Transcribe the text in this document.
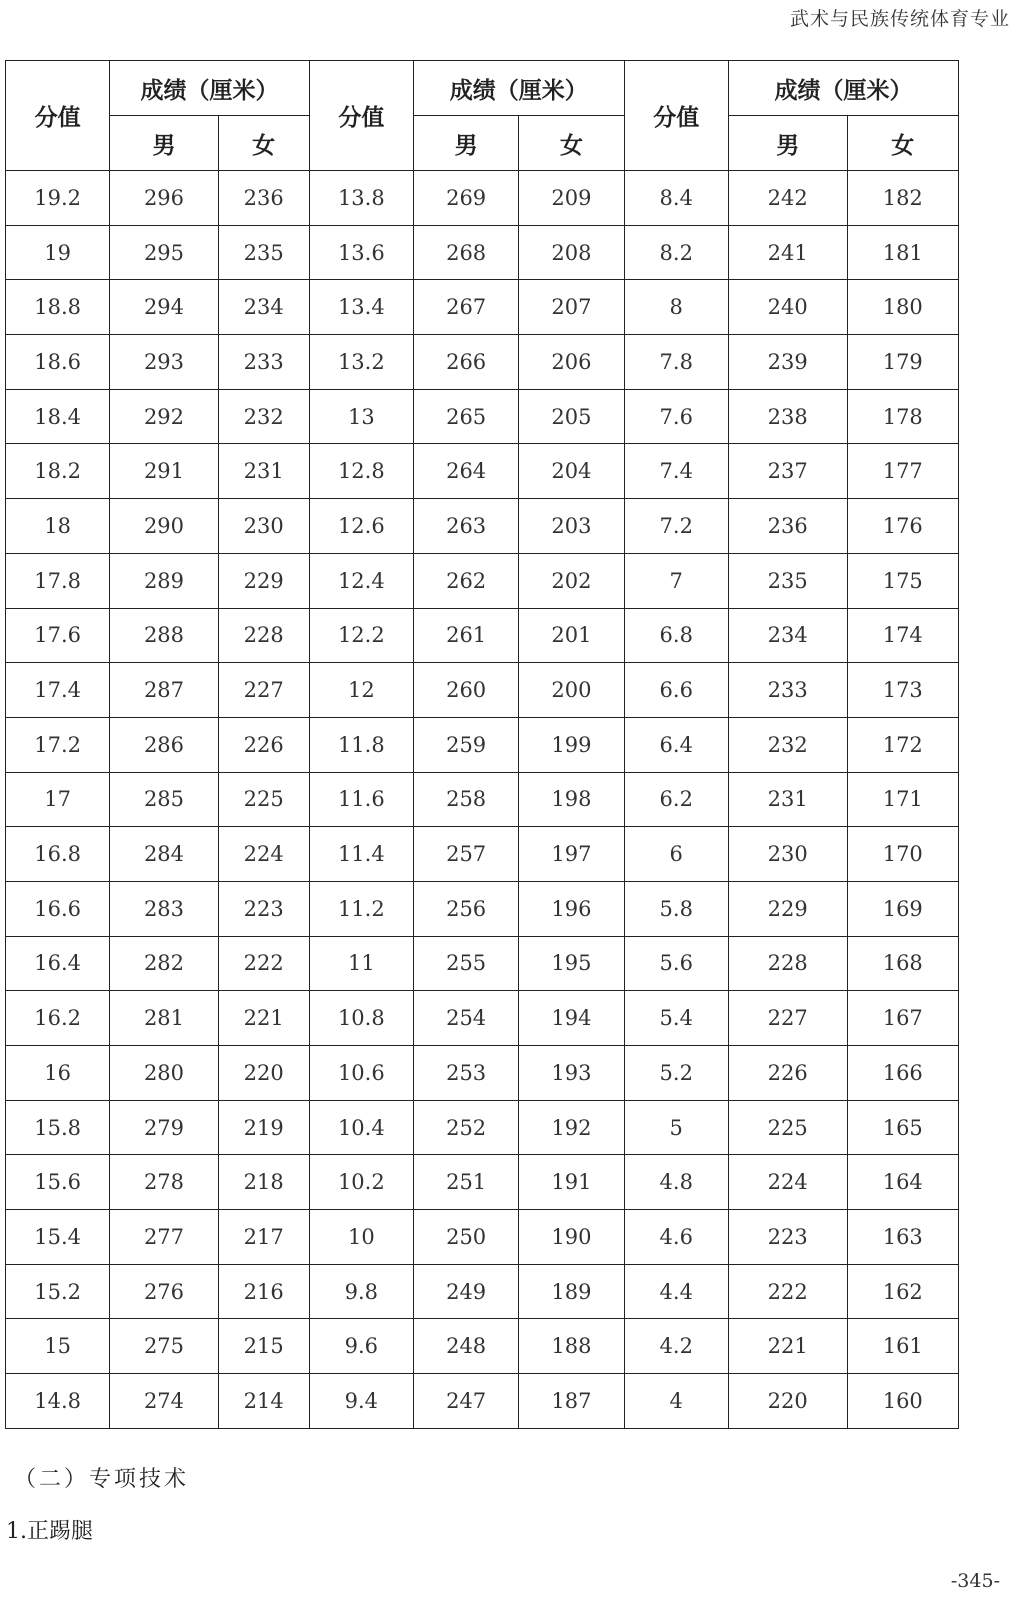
武术与民族传统体育专业
分值	成绩（厘米）		分值	成绩（厘米）		分值	成绩（厘米）	
	男	女		男	女		男	女
19.2	296	236	13.8	269	209	8.4	242	182
19	295	235	13.6	268	208	8.2	241	181
18.8	294	234	13.4	267	207	8	240	180
18.6	293	233	13.2	266	206	7.8	239	179
18.4	292	232	13	265	205	7.6	238	178
18.2	291	231	12.8	264	204	7.4	237	177
18	290	230	12.6	263	203	7.2	236	176
17.8	289	229	12.4	262	202	7	235	175
17.6	288	228	12.2	261	201	6.8	234	174
17.4	287	227	12	260	200	6.6	233	173
17.2	286	226	11.8	259	199	6.4	232	172
17	285	225	11.6	258	198	6.2	231	171
16.8	284	224	11.4	257	197	6	230	170
16.6	283	223	11.2	256	196	5.8	229	169
16.4	282	222	11	255	195	5.6	228	168
16.2	281	221	10.8	254	194	5.4	227	167
16	280	220	10.6	253	193	5.2	226	166
15.8	279	219	10.4	252	192	5	225	165
15.6	278	218	10.2	251	191	4.8	224	164
15.4	277	217	10	250	190	4.6	223	163
15.2	276	216	9.8	249	189	4.4	222	162
15	275	215	9.6	248	188	4.2	221	161
14.8	274	214	9.4	247	187	4	220	160
（二）专项技术
1.正踢腿
-345-
